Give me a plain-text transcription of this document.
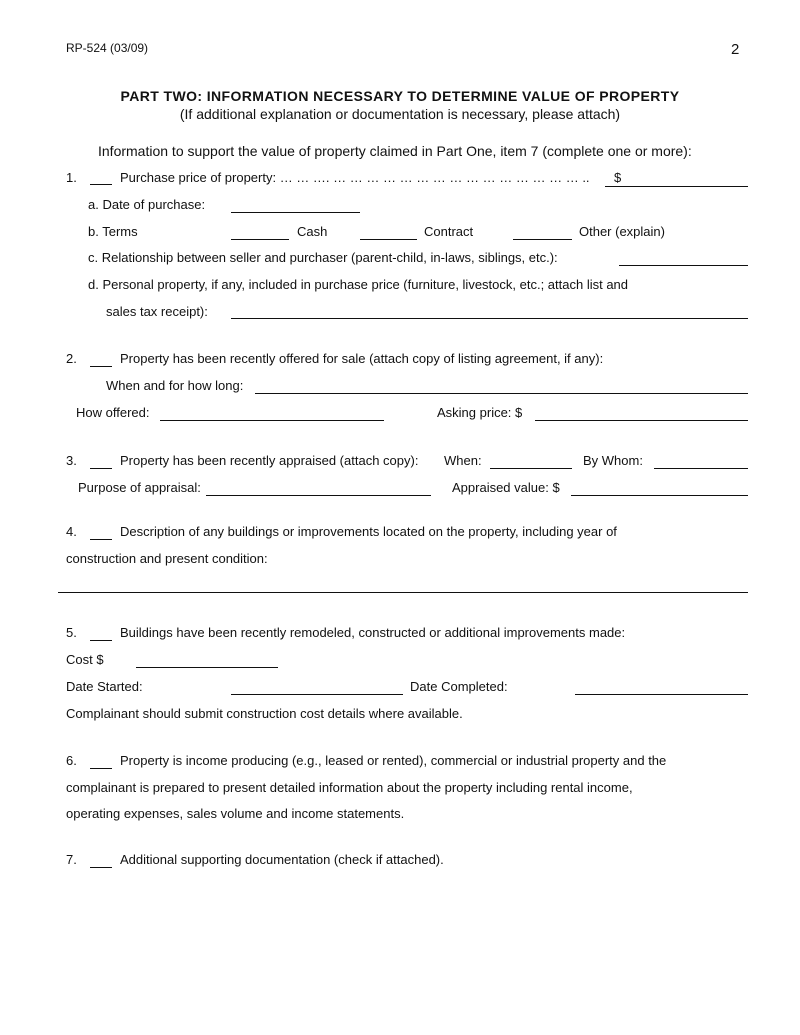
RP-524 (03/09)	2
PART TWO: INFORMATION NECESSARY TO DETERMINE VALUE OF PROPERTY
(If additional explanation or documentation is necessary, please attach)
Information to support the value of property claimed in Part One, item 7 (complete one or more):
1.	Purchase price of property: … … …. … … … … … … … … … … … … … … … .. $
a. Date of purchase:
b. Terms	Cash	Contract	Other (explain)
c. Relationship between seller and purchaser (parent-child, in-laws, siblings, etc.):
d. Personal property, if any, included in purchase price (furniture, livestock, etc.; attach list and
sales tax receipt):
2.	Property has been recently offered for sale (attach copy of listing agreement, if any):
When and for how long:
How offered:	Asking price: $
3.	Property has been recently appraised (attach copy): When:	By Whom:
Purpose of appraisal:	Appraised value: $
4.	Description of any buildings or improvements located on the property, including year of
construction and present condition:
5.	Buildings have been recently remodeled, constructed or additional improvements made:
Cost $
Date Started:	Date Completed:
Complainant should submit construction cost details where available.
6.	Property is income producing (e.g., leased or rented), commercial or industrial property and the
complainant is prepared to present detailed information about the property including rental income,
operating expenses, sales volume and income statements.
7.	Additional supporting documentation (check if attached).
